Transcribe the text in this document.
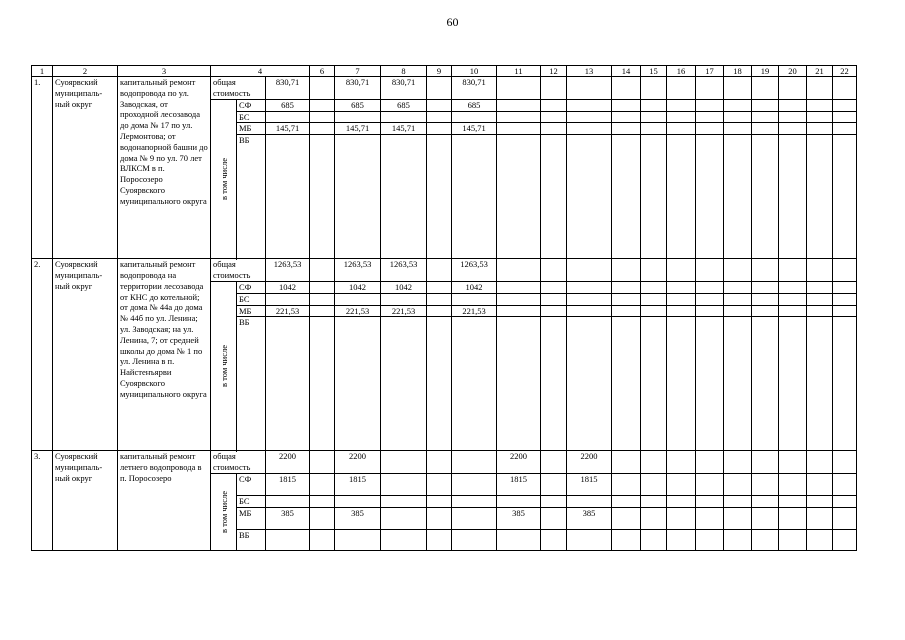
60
1	2	3	4			6	7	8	9	10	11	12	13	14	15	16	17	18	19	20	21	22
1.	Суоярвский муниципаль-ный округ	капитальный ремонт водопровода по ул. Заводская, от проходной лесозавода до дома № 17 по ул. Лермонтова; от водонапорной башни до дома № 9 по ул. 70 лет ВЛКСМ в п. Поросозеро Суоярвского муниципального округа	общая стоимость		830,71		830,71	830,71		830,71												

			в том числе	СФ	685		685	685		685												
				БС																		
				МБ	145,71		145,71	145,71		145,71												
				ВБ																		

2.	Суоярвский муниципаль-ный округ	капитальный ремонт водопровода на территории лесозавода от КНС до котельной; от дома № 44а до дома № 44б по ул. Ленина; ул. Заводская; на ул. Ленина, 7; от средней школы до дома № 1 по ул. Ленина в п. Найстенъярви Суоярвского муниципального округа	общая стоимость		1263,53		1263,53	1263,53		1263,53												

			в том числе	СФ	1042		1042	1042		1042												
				БС																		
				МБ	221,53		221,53	221,53		221,53												
				ВБ																		

3.	Суоярвский муниципаль-ный округ	капитальный ремонт летнего водопровода в п. Поросозеро	общая стоимость		2200		2200				2200		2200									

			в том числе	СФ	1815		1815				1815		1815									
				БС																		
				МБ	385		385				385		385									
				ВБ																		
